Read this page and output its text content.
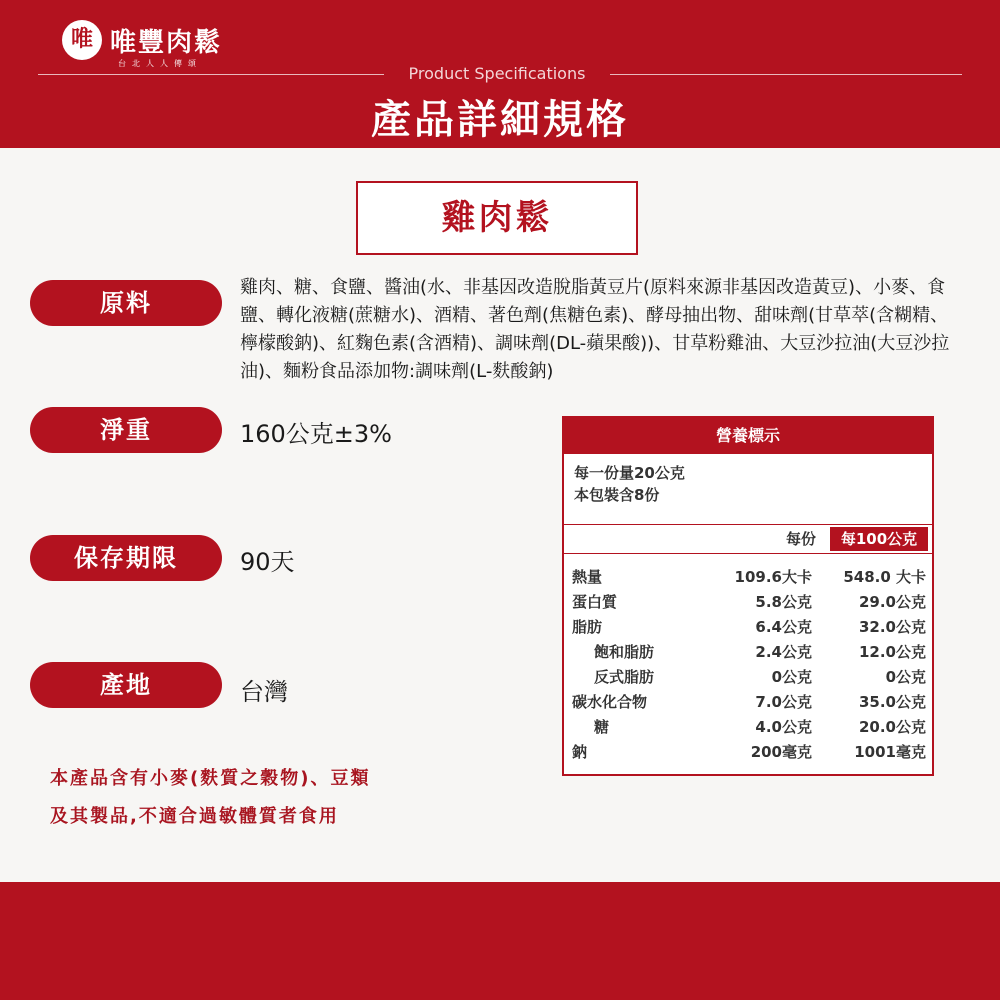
唯 唯豐肉鬆
台北人人傳頌
Product Specifications
產品詳細規格
雞肉鬆
原料
雞肉、糖、食鹽、醬油(水、非基因改造脫脂黃豆片(原料來源非基因改造黃豆)、小麥、食鹽、轉化液糖(蔗糖水)、酒精、著色劑(焦糖色素)、酵母抽出物、甜味劑(甘草萃(含糊精、檸檬酸鈉)、紅麴色素(含酒精)、調味劑(DL-蘋果酸))、甘草粉雞油、大豆沙拉油(大豆沙拉油)、麵粉食品添加物:調味劑(L-麩酸鈉)
淨重	160公克±3%
保存期限	90天
產地	台灣
本產品含有小麥(麩質之穀物)、豆類
及其製品,不適合過敏體質者食用
營養標示
每一份量20公克
本包裝含8份
每份	每100公克
熱量	109.6大卡 548.0 大卡
蛋白質	5.8公克	29.0公克
脂肪	6.4公克	32.0公克
飽和脂肪	2.4公克	12.0公克
反式脂肪	0公克	0公克
碳水化合物	7.0公克	35.0公克
糖	4.0公克	20.0公克
鈉	200毫克	1001毫克
